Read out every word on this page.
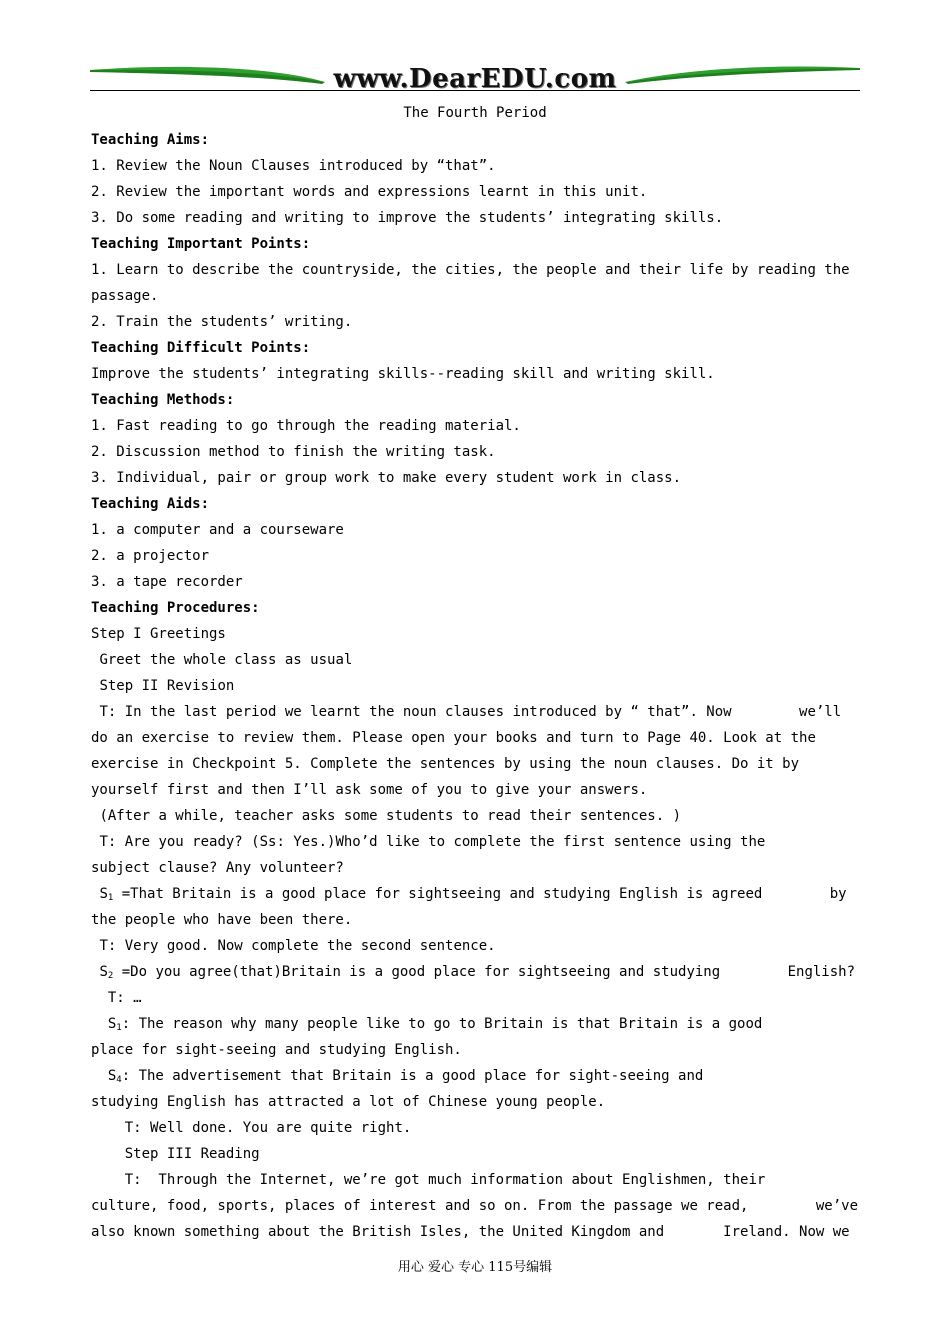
www.DearEDU.com
The Fourth Period

Teaching Aims:

1. Review the Noun Clauses introduced by “that”.

2. Review the important words and expressions learnt in this unit.

3. Do some reading and writing to improve the students’ integrating skills.

Teaching Important Points:

1. Learn to describe the countryside, the cities, the people and their life by reading the

passage.

2. Train the students’ writing.

Teaching Difficult Points:

Improve the students’ integrating skills--reading skill and writing skill.

Teaching Methods:

1. Fast reading to go through the reading material.

2. Discussion method to finish the writing task.

3. Individual, pair or group work to make every student work in class.

Teaching Aids:

1. a computer and a courseware

2. a projector

3. a tape recorder

Teaching Procedures:

Step I Greetings

Greet the whole class as usual

Step II Revision

T: In the last period we learnt the noun clauses introduced by “ that”. Now        we’ll

do an exercise to review them. Please open your books and turn to Page 40. Look at the

exercise in Checkpoint 5. Complete the sentences by using the noun clauses. Do it by

yourself first and then I’ll ask some of you to give your answers.

(After a while, teacher asks some students to read their sentences. )

T: Are you ready? (Ss: Yes.)Who’d like to complete the first sentence using the

subject clause? Any volunteer?

$S_1$ =That Britain is a good place for sightseeing and studying English is agreed        by

the people who have been there.

T: Very good. Now complete the second sentence.

$S_2 =Do$ you agree(that)Britain is a good place for sightseeing and studying        English?

T: …

$S_1$: The reason why many people like to go to Britain is that Britain is a good

place for sight-seeing and studying English.

$S_4$: The advertisement that Britain is a good place for sight-seeing and

studying English has attracted a lot of Chinese young people.

T: Well done. You are quite right.

Step III Reading

T:  Through the Internet, we’re got much information about Englishmen, their

culture, food, sports, places of interest and so on. From the passage we read,        we’ve

also known something about the British Isles, the United Kingdom and       Ireland. Now we

用心 爱心 专心 115号编辑
